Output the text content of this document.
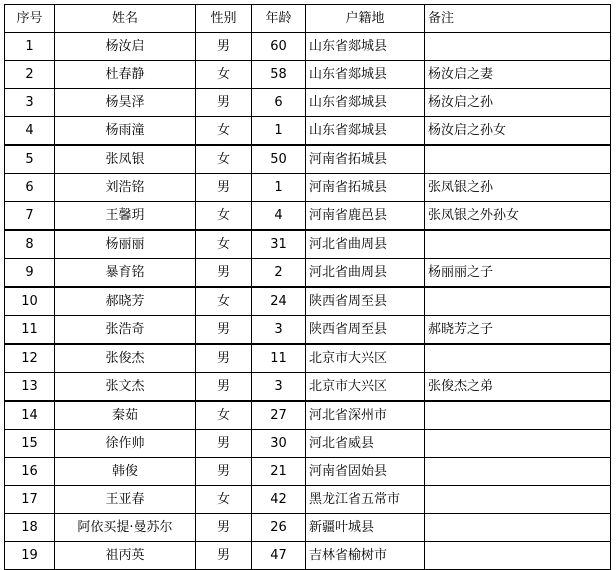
序号	姓名	性别	年龄	户籍地	备注
1	杨汝启	男	60	山东省郯城县	
2	杜春静	女	58	山东省郯城县	杨汝启之妻
3	杨昊泽	男	6	山东省郯城县	杨汝启之孙
4	杨雨潼	女	1	山东省郯城县	杨汝启之孙女
5	张凤银	女	50	河南省拓城县	
6	刘浩铭	男	1	河南省拓城县	张凤银之孙
7	王馨玥	女	4	河南省鹿邑县	张凤银之外孙女
8	杨丽丽	女	31	河北省曲周县	
9	暴育铭	男	2	河北省曲周县	杨丽丽之子
10	郝晓芳	女	24	陕西省周至县	
11	张浩奇	男	3	陕西省周至县	郝晓芳之子
12	张俊杰	男	11	北京市大兴区	
13	张文杰	男	3	北京市大兴区	张俊杰之弟
14	秦茹	女	27	河北省深州市	
15	徐作帅	男	30	河北省威县	
16	韩俊	男	21	河南省固始县	
17	王亚春	女	42	黑龙江省五常市	
18	阿依买提·曼苏尔	男	26	新疆叶城县	
19	祖丙英	男	47	吉林省榆树市	
